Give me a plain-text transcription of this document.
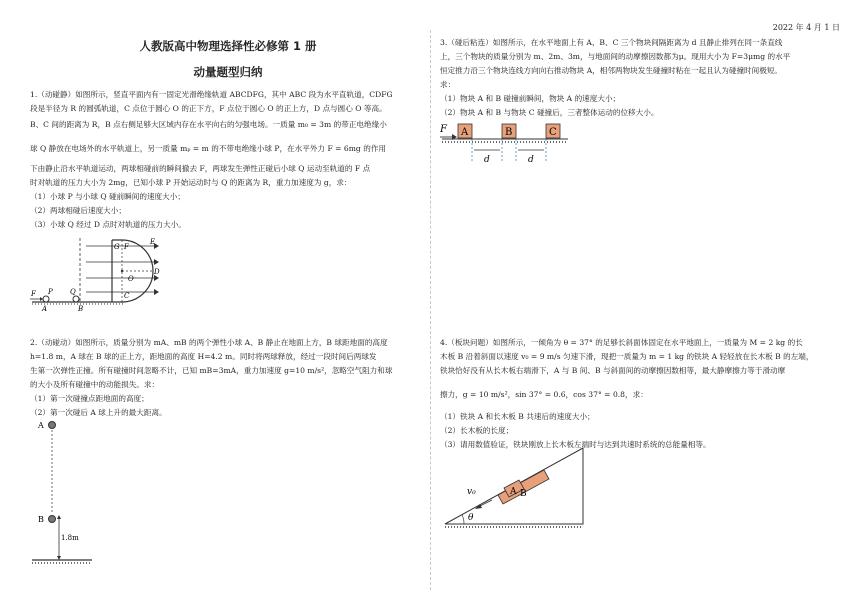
2022 年 4 月 1 日
人教版高中物理选择性必修第 1 册
动量题型归纳
1.（动碰静）如图所示，竖直平面内有一固定光滑绝缘轨道 ABCDFG，其中 ABC 段为水平直轨道，CDFG
段是半径为 R 的圆弧轨道，C 点位于圆心 O 的正下方，F 点位于圆心 O 的正上方，D 点与圆心 O 等高。
B、C 间的距离为 R，B 点右侧足够大区域内存在水平向右的匀强电场。一质量 m₀ = 3m 的带正电绝缘小
球 Q 静放在电场外的水平轨道上，另一质量 mₚ = m 的不带电绝缘小球 P，在水平外力 F = 6mg 的作用
下由静止沿水平轨道运动，两球相碰前的瞬间撤去 F，两球发生弹性正碰后小球 Q 运动至轨道的 F 点
时对轨道的压力大小为 2mg，已知小球 P 开始运动时与 Q 的距离为 R，重力加速度为 g，求：
（1）小球 P 与小球 Q 碰前瞬间的速度大小；
（2）两球相碰后速度大小；
（3）小球 Q 经过 D 点时对轨道的压力大小。
G F
E
O
D
C
A	B
Q
P
F
2.（动碰动）如图所示，质量分别为 mA、mB 的两个弹性小球 A、B 静止在地面上方，B 球距地面的高度
h=1.8 m，A 球在 B 球的正上方，距地面的高度 H=4.2 m。同时将两球释放，经过一段时间后两球发
生第一次弹性正撞。所有碰撞时间忽略不计，已知 mB=3mA，重力加速度 g=10 m/s²，忽略空气阻力和球
的大小及所有碰撞中的动能损失。求：
（1）第一次碰撞点距地面的高度；
（2）第一次碰后 A 球上升的最大距离。
A
B
1.8m
3.（碰后粘连）如图所示，在水平地面上有 A、B、C 三个物块间隔距离为 d 且静止排列在同一条直线
上，三个物块的质量分别为 m、2m、3m，与地面间的动摩擦因数都为μ。现用大小为 F=3μmg 的水平
恒定推力沿三个物块连线方向向右推动物块 A，相邻两物块发生碰撞时粘在一起且认为碰撞时间极短。
求：
（1）物块 A 和 B 碰撞前瞬间，物块 A 的速度大小；
（2）物块 A 和 B 与物块 C 碰撞后，三者整体运动的位移大小。
F A	B	C
d	d
4.（板块问题）如图所示，一倾角为 θ = 37° 的足够长斜面体固定在水平地面上，一质量为 M = 2 kg 的长
木板 B 沿着斜面以速度 v₀ = 9 m/s 匀速下滑，现把一质量为 m = 1 kg 的铁块 A 轻轻放在长木板 B 的左端，
铁块恰好没有从长木板右端滑下，A 与 B 间、B 与斜面间的动摩擦因数相等，最大静摩擦力等于滑动摩
擦力，g = 10 m/s²，sin 37° = 0.6，cos 37° = 0.8，求：
（1）铁块 A 和长木板 B 共速后的速度大小；
（2）长木板的长度；
（3）请用数值验证，铁块刚放上长木板左端时与达到共速时系统的总能量相等。
A B
v₀
θ
